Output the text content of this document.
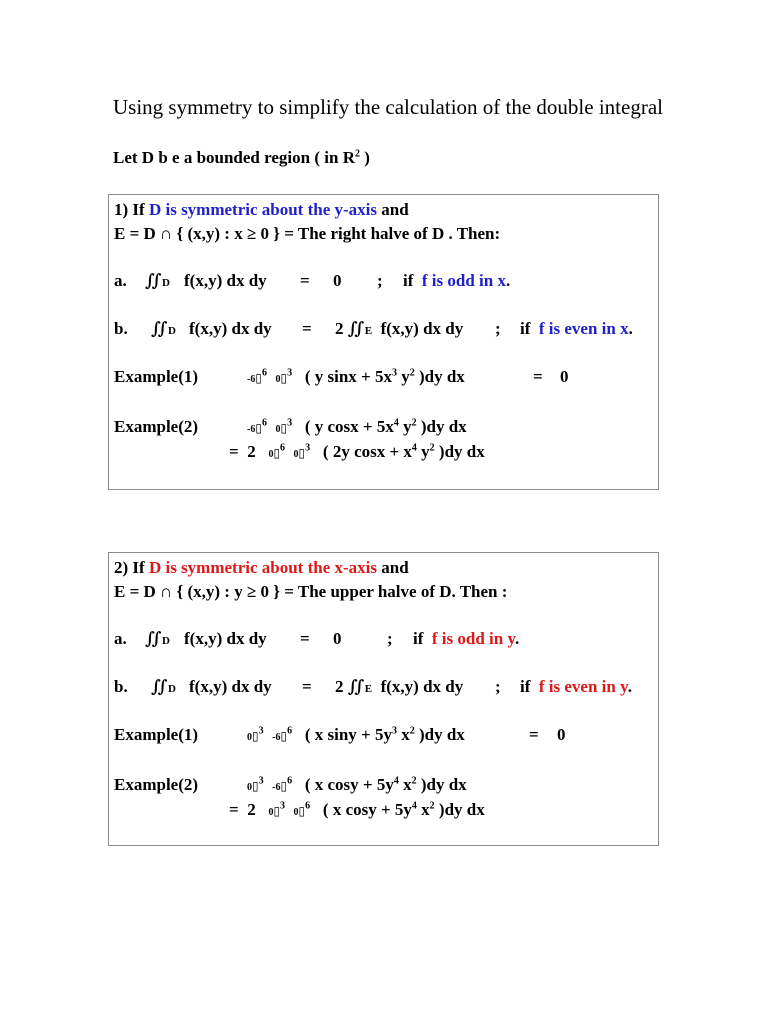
Using symmetry to simplify the calculation of the double integral
Let D b e a bounded region ( in $R^2$ )
1) If D is symmetric about the y-axis and
E = D ∩ { (x,y) : x ≥ 0 } = The right halve of D . Then:
a. ∬D f(x,y) dx dy = 0 ; if f is odd in x.
b. ∬D f(x,y) dx dy = 2 ∬E f(x,y) dx dy ; if f is even in x.
Example(1)	-6▯$^6$  0▯$^3$ ( y $\sin x + 5x^3$ $y^2$ )dy dx	= 0
Example(2)	-6▯$^6$  0▯$^3$ ( y $\cos x + 5x^4$ $y^2$ )dy dx
= 2 0▯$^6$  0▯$^3$ ( 2y $\cos x + x^4$ $y^2$ )dy dx
2) If D is symmetric about the x-axis and
E = D ∩ { (x,y) : y ≥ 0 } = The upper halve of D. Then :
a. ∬D f(x,y) dx dy = 0	; if f is odd in y.
b. ∬D f(x,y) dx dy = 2 ∬E f(x,y) dx dy ; if f is even in y.
Example(1)	0▯$^3$  -6▯$^6$ ( x $\sin y + 5y^3$ $x^2$ )dy dx	= 0
Example(2)	0▯$^3$  -6▯$^6$ ( x $\cos y + 5y^4$ $x^2$ )dy dx
= 2 0▯$^3$  0▯$^6$ ( x $\cos y + 5y^4$ $x^2$ )dy dx
